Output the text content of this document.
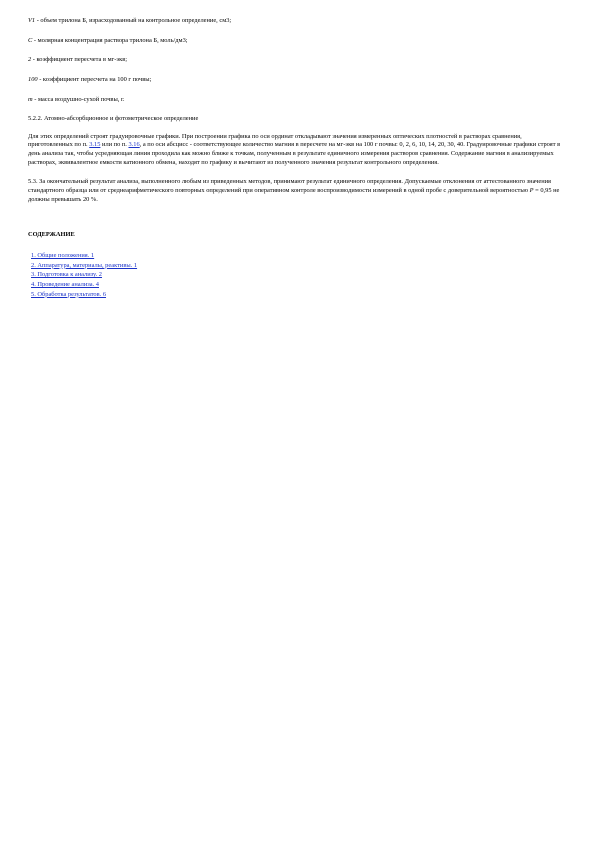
V1 - объем трилона Б, израсходованный на контрольное определение, см3;

С - молярная концентрация раствора трилона Б, моль/дм3;

2 - коэффициент пересчета в мг-экв;

100 - коэффициент пересчета на 100 г почвы;

m - масса воздушно-сухой почвы, г.

5.2.2. Атомно-абсорбционное и фотометрическое определение

Для этих определений строят градуировочные графики. При построении графика по оси ординат откладывают значения измеренных оптических плотностей в растворах сравнения, приготовленных по п. 3.15 или по п. 3.16, а по оси абсцисс - соответствующее количество магния в пересчете на мг-экв на 100 г почвы: 0, 2, 6, 10, 14, 20, 30, 40. Градуировочные графики строят в день анализа так, чтобы усредняющая линия проходила как можно ближе к точкам, полученным в результате единичного измерения растворов сравнения. Содержание магния в анализируемых растворах, эквивалентное емкости катионного обмена, находят по графику и вычитают из полученного значения результат контрольного определения.

5.3. За окончательный результат анализа, выполненного любым из приведенных методов, принимают результат единичного определения. Допускаемые отклонения от аттестованного значения стандартного образца или от среднеарифметического повторных определений при оперативном контроле воспроизводимости измерений в одной пробе с доверительной вероятностью Р = 0,95 не должны превышать 20 %.

СОДЕРЖАНИЕ
1. Общие положения. 1
2. Аппаратура, материалы, реактивы. 1
3. Подготовка к анализу. 2
4. Проведение анализа. 4
5. Обработка результатов. 6
